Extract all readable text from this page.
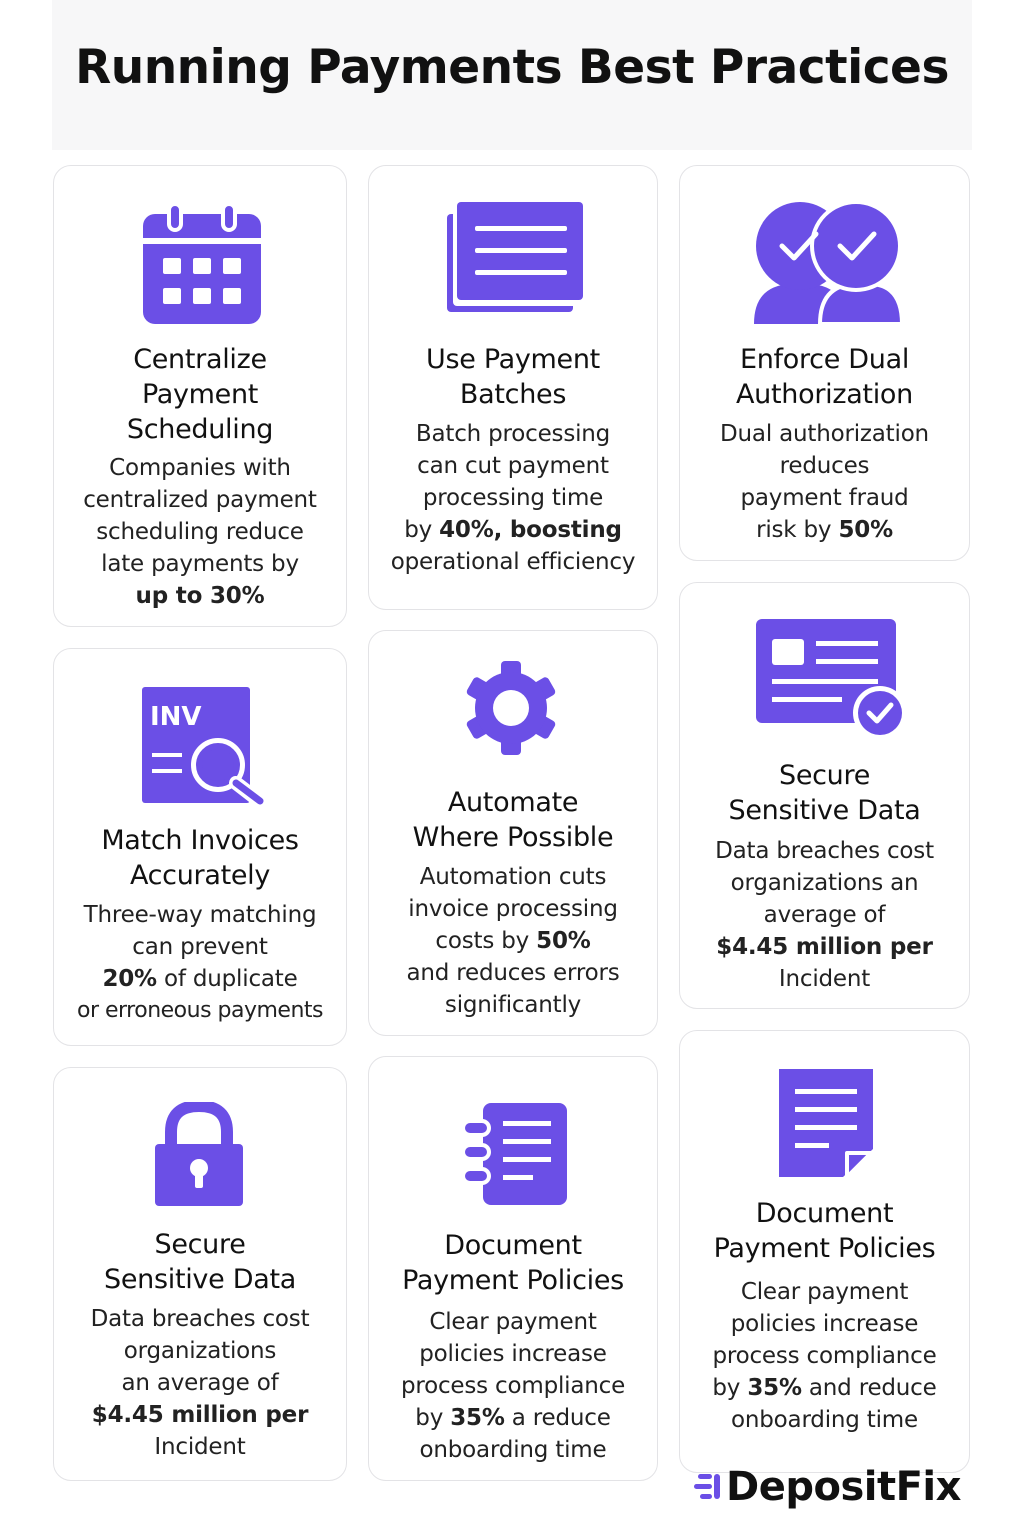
Running Payments Best Practices
Centralize
Payment
Scheduling
Companies with
centralized payment
scheduling reduce
late payments by
up to 30%
Use Payment
Batches
Batch processing
can cut payment
processing time
by 40%, boosting
operational efficiency
Enforce Dual
Authorization
Dual authorization
reduces
payment fraud
risk by 50%
INV
Match Invoices
Accurately
Three-way matching
can prevent
20% of duplicate
or erroneous payments
Automate
Where Possible
Automation cuts
invoice processing
costs by 50%
and reduces errors
significantly
Secure
Sensitive Data
Data breaches cost
organizations an
average of
$4.45 million per
Incident
Secure
Sensitive Data
Data breaches cost
organizations
an average of
$4.45 million per
Incident
Document
Payment Policies
Clear payment
policies increase
process compliance
by 35% a reduce
onboarding time
Document
Payment Policies
Clear payment
policies increase
process compliance
by 35% and reduce
onboarding time
DepositFix
